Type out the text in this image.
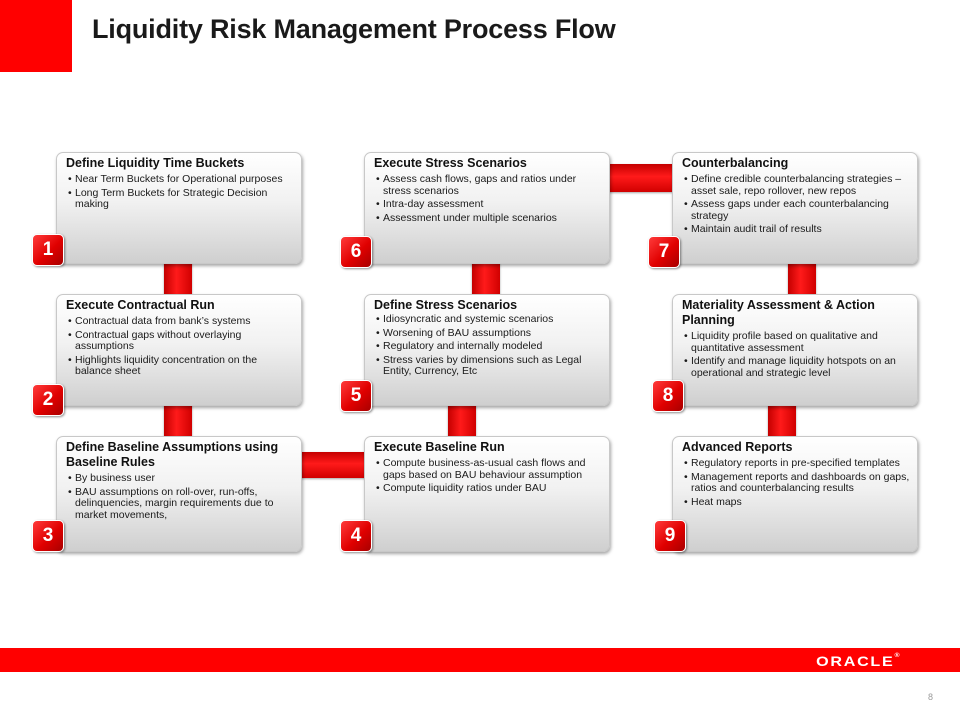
Liquidity Risk Management Process Flow
Define Liquidity Time Buckets
• Near Term Buckets for Operational purposes
• Long Term Buckets for Strategic Decision making
1
Execute Contractual Run
• Contractual data from bank’s systems
• Contractual gaps without overlaying assumptions
• Highlights liquidity concentration on the balance sheet
2
Define Baseline Assumptions using Baseline Rules
• By business user
• BAU assumptions on roll-over, run-offs, delinquencies, margin requirements due to market movements,
3
Execute Baseline Run
• Compute business-as-usual cash flows and gaps based on BAU behaviour assumption
• Compute liquidity ratios under BAU
4
Define Stress Scenarios
• Idiosyncratic and systemic scenarios
• Worsening of BAU assumptions
• Regulatory and internally modeled
• Stress varies by dimensions such as Legal Entity, Currency, Etc
5
Execute Stress Scenarios
• Assess cash flows, gaps and ratios under stress scenarios
• Intra-day assessment
• Assessment under multiple scenarios
6
Counterbalancing
• Define credible counterbalancing strategies – asset sale, repo rollover, new repos
• Assess gaps under each counterbalancing strategy
• Maintain audit trail of results
7
Materiality Assessment & Action Planning
• Liquidity profile based on qualitative and quantitative assessment
• Identify and manage liquidity hotspots on an operational and strategic level
8
Advanced Reports
• Regulatory reports in pre-specified templates
• Management reports and dashboards on gaps, ratios and counterbalancing results
• Heat maps
9
ORACLE®
8
